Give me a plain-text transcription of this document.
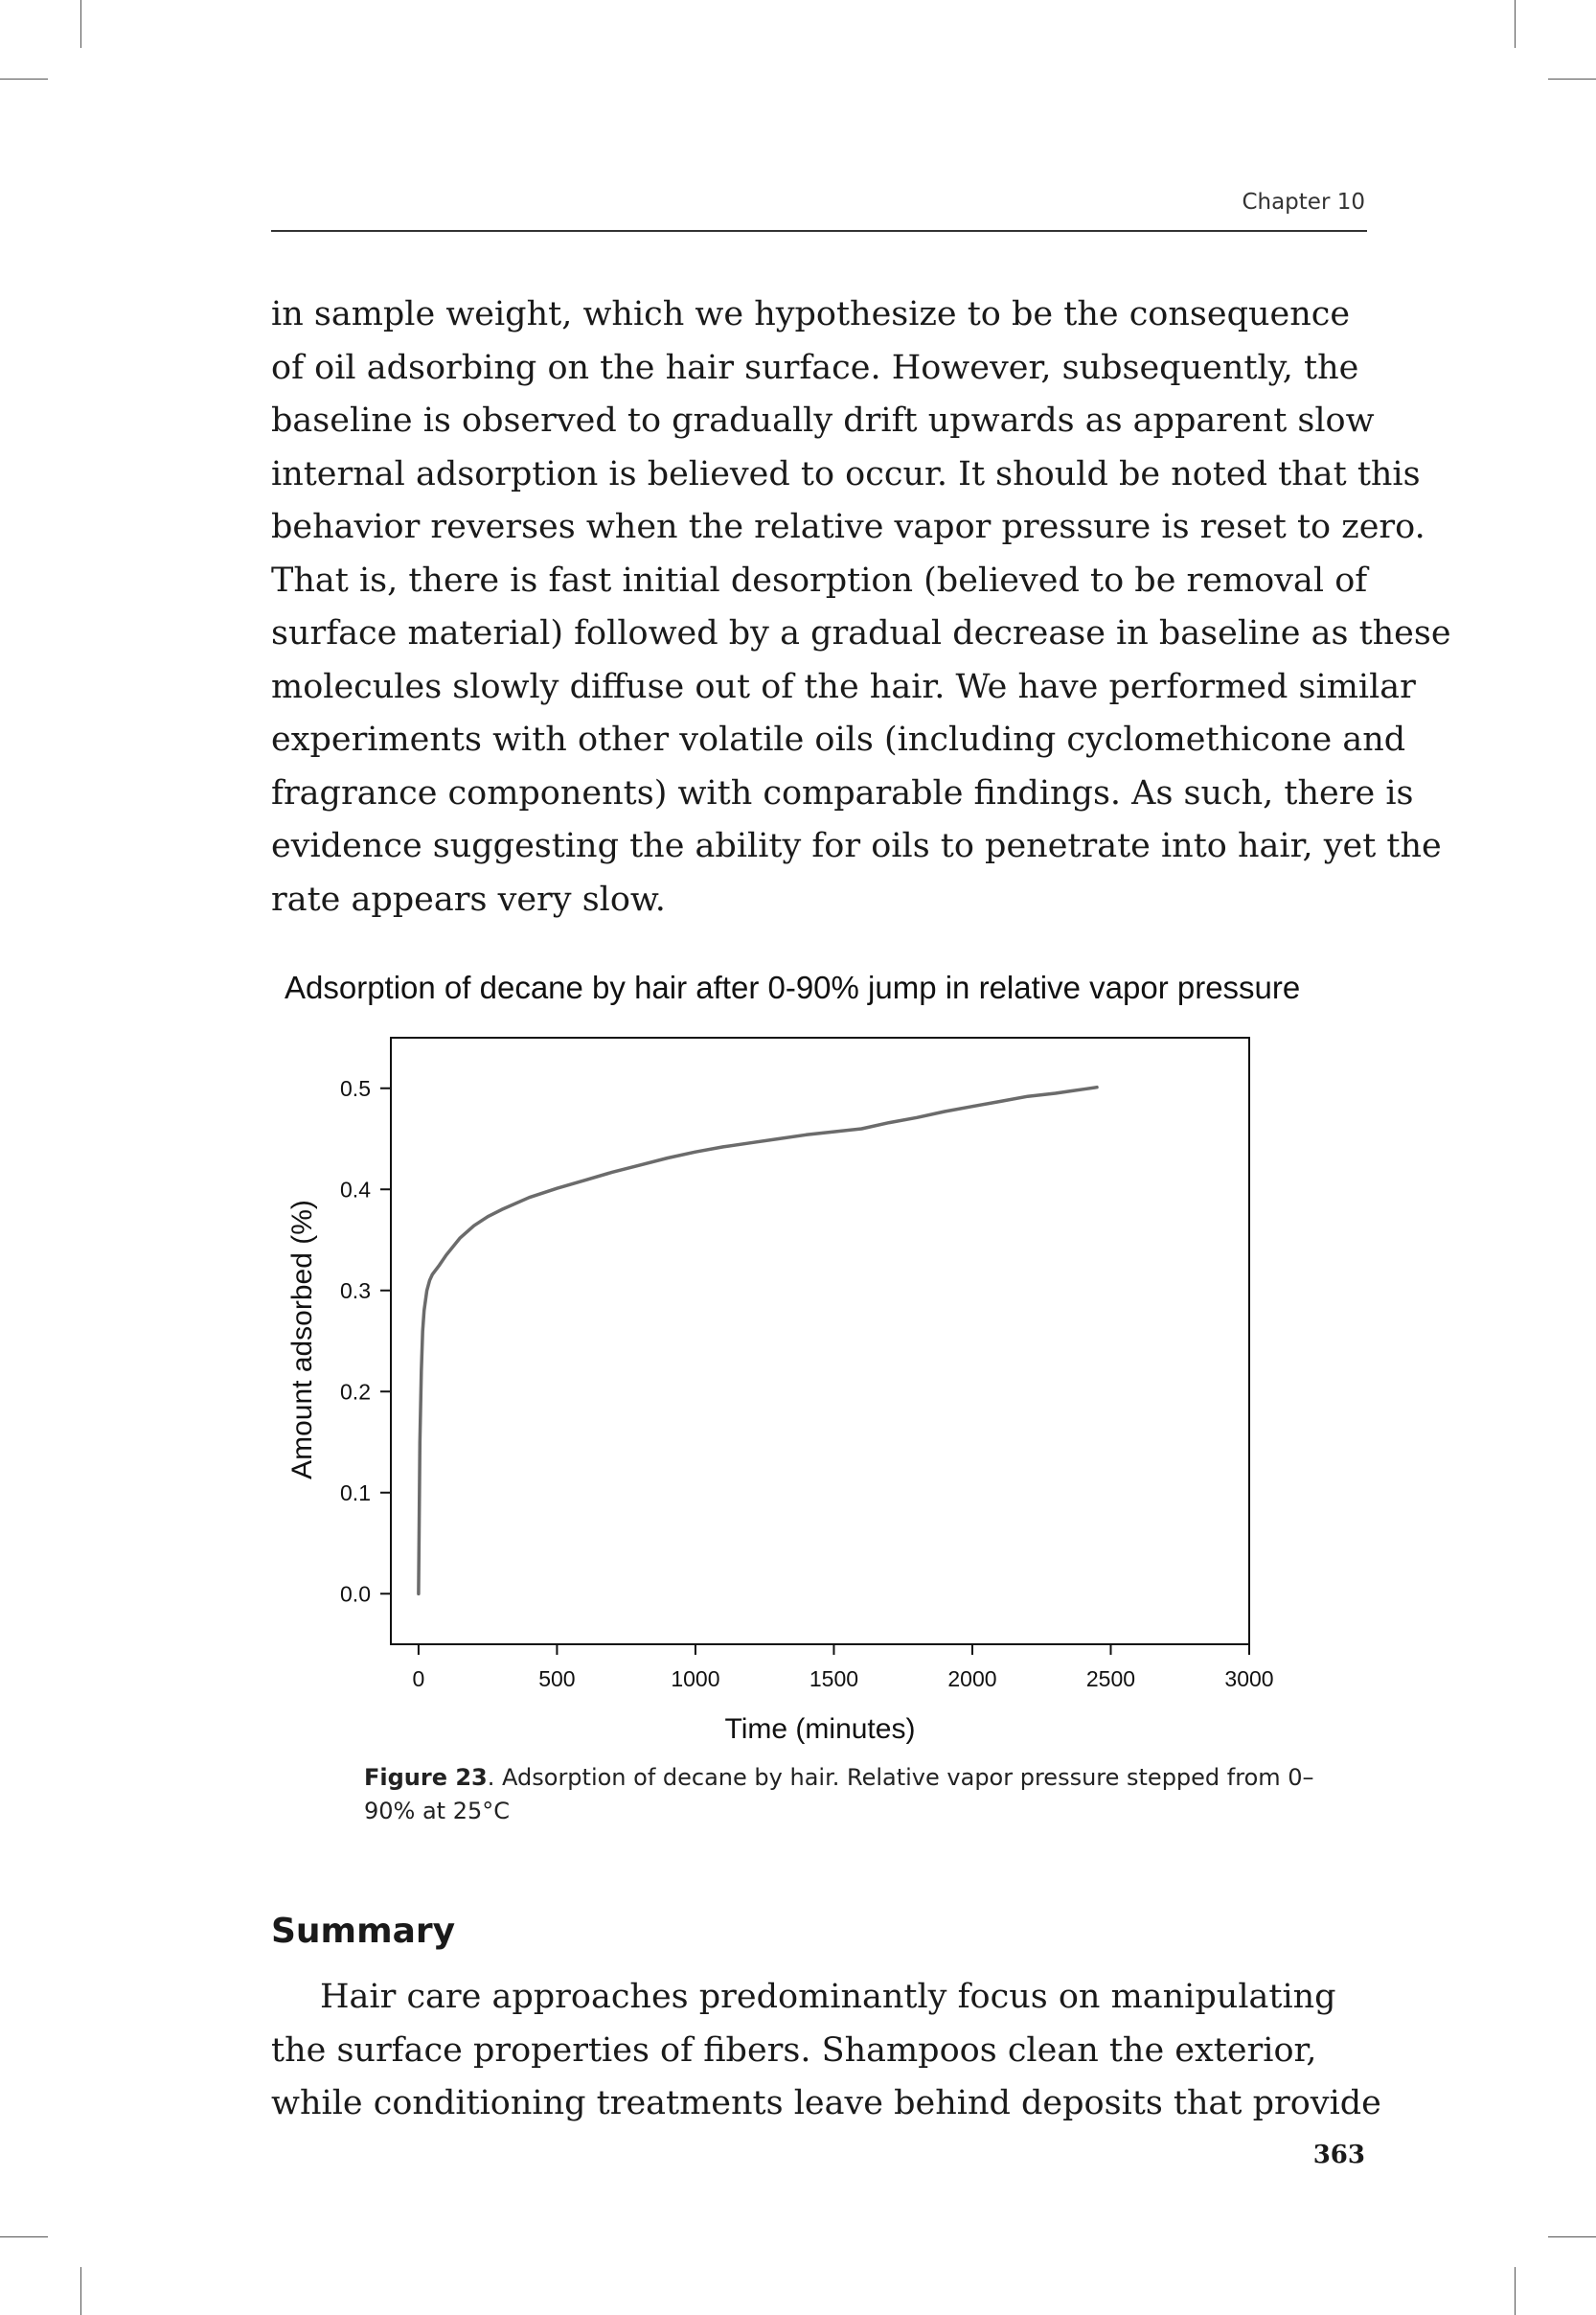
Chapter 10

in sample weight, which we hypothesize to be the consequence
of oil adsorbing on the hair surface. However, subsequently, the
baseline is observed to gradually drift upwards as apparent slow
internal adsorption is believed to occur. It should be noted that this
behavior reverses when the relative vapor pressure is reset to zero.
That is, there is fast initial desorption (believed to be removal of
surface material) followed by a gradual decrease in baseline as these
molecules slowly diffuse out of the hair. We have performed similar
experiments with other volatile oils (including cyclomethicone and
fragrance components) with comparable findings. As such, there is
evidence suggesting the ability for oils to penetrate into hair, yet the
rate appears very slow.

Adsorption of decane by hair after 0-90% jump in relative vapor pressure
0	500	1000	1500	2000	2500	3000
0.0
0.1
0.2
0.3
0.4
0.5
Time (minutes)
Amount adsorbed (%)
Figure 23. Adsorption of decane by hair. Relative vapor pressure stepped from 0–90% at 25°C
Summary

Hair care approaches predominantly focus on manipulating
the surface properties of fibers. Shampoos clean the exterior,
while conditioning treatments leave behind deposits that provide

363
